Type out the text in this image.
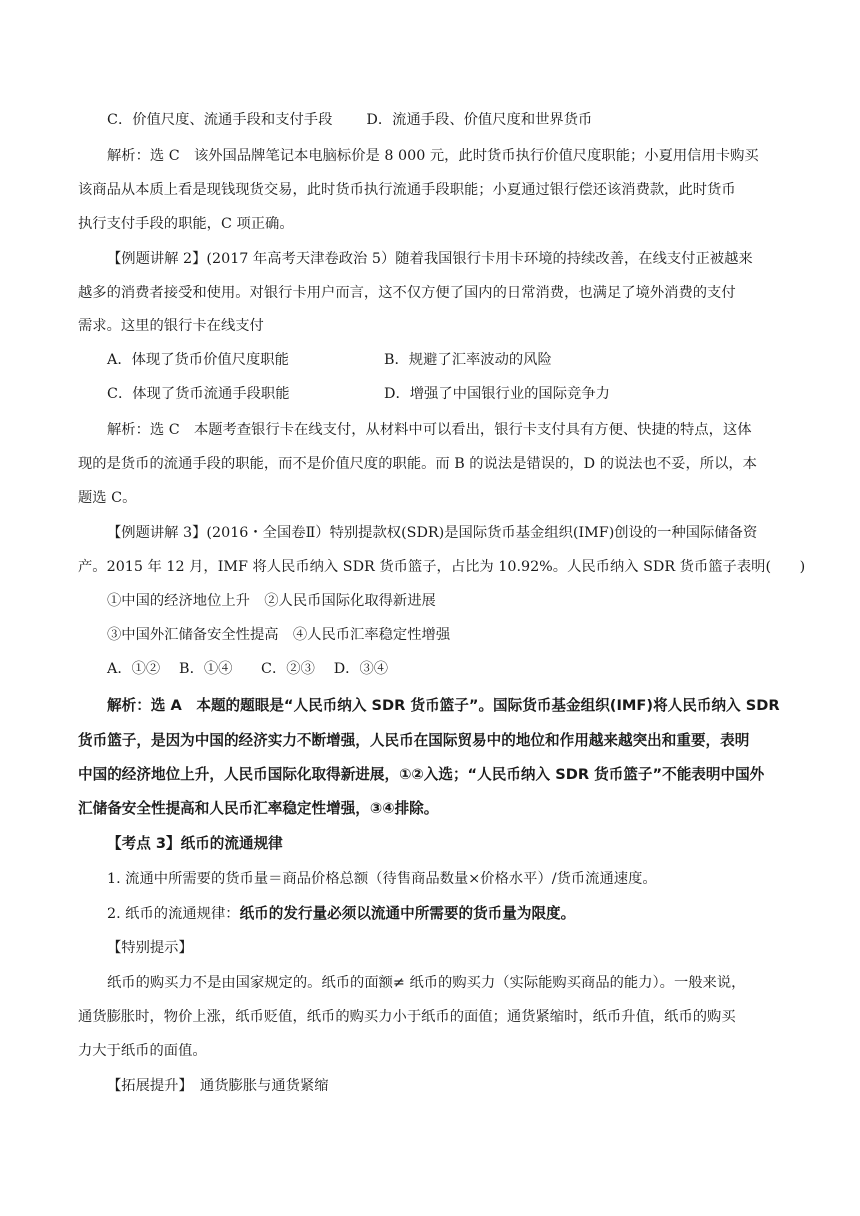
C．价值尺度、流通手段和支付手段 D．流通手段、价值尺度和世界货币
解析：选 C　该外国品牌笔记本电脑标价是 8 000 元，此时货币执行价值尺度职能；小夏用信用卡购买
该商品从本质上看是现钱现货交易，此时货币执行流通手段职能；小夏通过银行偿还该消费款，此时货币
执行支付手段的职能，C 项正确。
【例题讲解 2】(2017 年高考天津卷政治 5）随着我国银行卡用卡环境的持续改善，在线支付正被越来
越多的消费者接受和使用。对银行卡用户而言，这不仅方便了国内的日常消费，也满足了境外消费的支付
需求。这里的银行卡在线支付
A．体现了货币价值尺度职能	B．规避了汇率波动的风险
C．体现了货币流通手段职能	D．增强了中国银行业的国际竞争力
解析：选 C　本题考查银行卡在线支付，从材料中可以看出，银行卡支付具有方便、快捷的特点，这体
现的是货币的流通手段的职能，而不是价值尺度的职能。而 B 的说法是错误的，D 的说法也不妥，所以，本
题选 C。
【例题讲解 3】(2016・全国卷Ⅱ）特别提款权(SDR)是国际货币基金组织(IMF)创设的一种国际储备资
产。2015 年 12 月，IMF 将人民币纳入 SDR 货币篮子，占比为 10.92%。人民币纳入 SDR 货币篮子表明(　　)
①中国的经济地位上升　②人民币国际化取得新进展
③中国外汇储备安全性提高　④人民币汇率稳定性增强
A．①②　 B．①④　　C．②③　 D．③④
解析：选 A　本题的题眼是“人民币纳入 SDR 货币篮子”。国际货币基金组织(IMF)将人民币纳入 SDR
货币篮子，是因为中国的经济实力不断增强，人民币在国际贸易中的地位和作用越来越突出和重要，表明
中国的经济地位上升，人民币国际化取得新进展，①②入选；“人民币纳入 SDR 货币篮子”不能表明中国外
汇储备安全性提高和人民币汇率稳定性增强，③④排除。
【考点 3】纸币的流通规律
1. 流通中所需要的货币量＝商品价格总额（待售商品数量×价格水平）/货币流通速度。
2. 纸币的流通规律：纸币的发行量必须以流通中所需要的货币量为限度。
【特别提示】
纸币的购买力不是由国家规定的。纸币的面额≠ 纸币的购买力（实际能购买商品的能力）。一般来说，
通货膨胀时，物价上涨，纸币贬值，纸币的购买力小于纸币的面值；通货紧缩时，纸币升值，纸币的购买
力大于纸币的面值。
【拓展提升】　通货膨胀与通货紧缩
